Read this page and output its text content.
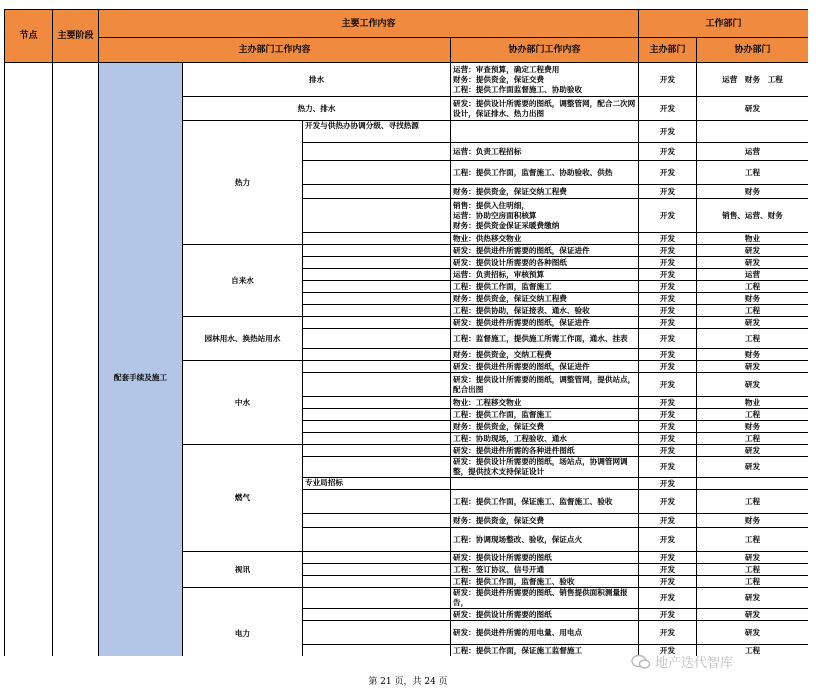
节点	主要阶段	主要工作内容				工作部门	
		主办部门工作内容			协办部门工作内容	主办部门	协办部门
		配套手续及施工	排水		运营：审查预算，确定工程费用
财务：提供资金，保证交费
工程：提供工作面监督施工、协助验收	开发	运营　财务　工程
			热力、排水		研发：提供设计所需要的图纸，调整管网，配合二次网设计，保证排水、热力出图	开发	研发
			热力	开发与供热办协调分级、寻找热源		开发	
					运营：负责工程招标	开发	运营
					工程：提供工作面，监督施工、协助验收、供热	开发	工程
					财务：提供资金，保证交纳工程费	开发	财务
					销售：提供入住明细，
运营：协助空房面积核算
财务：提供资金保证采暖费缴纳	开发	销售、运营、财务
					物业：供热移交物业	开发	物业
			自来水		研发：提供进件所需要的图纸，保证进件	开发	研发
					研发：提供设计所需要的各种图纸	开发	研发
					运营：负责招标，审核预算	开发	运营
					工程：提供工作面，监督施工	开发	工程
					财务：提供资金，保证交纳工程费	开发	财务
					工程：提供协助，保证接表、通水、验收	开发	工程
			园林用水、换热站用水		研发：提供进件所需要的图纸，保证进件	开发	研发
					工程：监督施工，提供施工所需工作面，通水、挂表	开发	工程
					财务：提供资金，交纳工程费	开发	财务
			中水		研发：提供进件所需要的图纸，保证进件	开发	研发
					研发：提供设计所需要的图纸，调整管网，提供站点，配合出图	开发	研发
					物业：工程移交物业	开发	物业
					工程：提供工作面，监督施工	开发	工程
					财务：提供资金，保证交费	开发	财务
					工程：协助现场，工程验收、通水	开发	工程
			燃气		研发：提供进件所需的各种进件图纸	开发	研发
					研发：提供设计所需要的图纸，场站点，协调管网调整，提供技术支持保证设计	开发	研发
				专业局招标		开发	
					工程：提供工作面，保证施工、监督施工、验收	开发	工程
					财务：提供资金，保证交费	开发	财务
					工程：协调现场整改、验收，保证点火	开发	工程
			视讯		研发：提供设计所需要的图纸	开发	研发
					工程：签订协议、信号开通	开发	工程
					工程：提供工作面，监督施工、验收	开发	工程
			电力		研发：提供进件所需要的图纸、销售提供面积测量报告，	开发	研发
					研发：提供设计所需要的图纸	开发	研发
					研发：提供进件所需的用电量、用电点	开发	研发
					工程：提供工作面，保证施工监督施工	开发	工程

地产迭代智库
第 21 页，共 24 页
